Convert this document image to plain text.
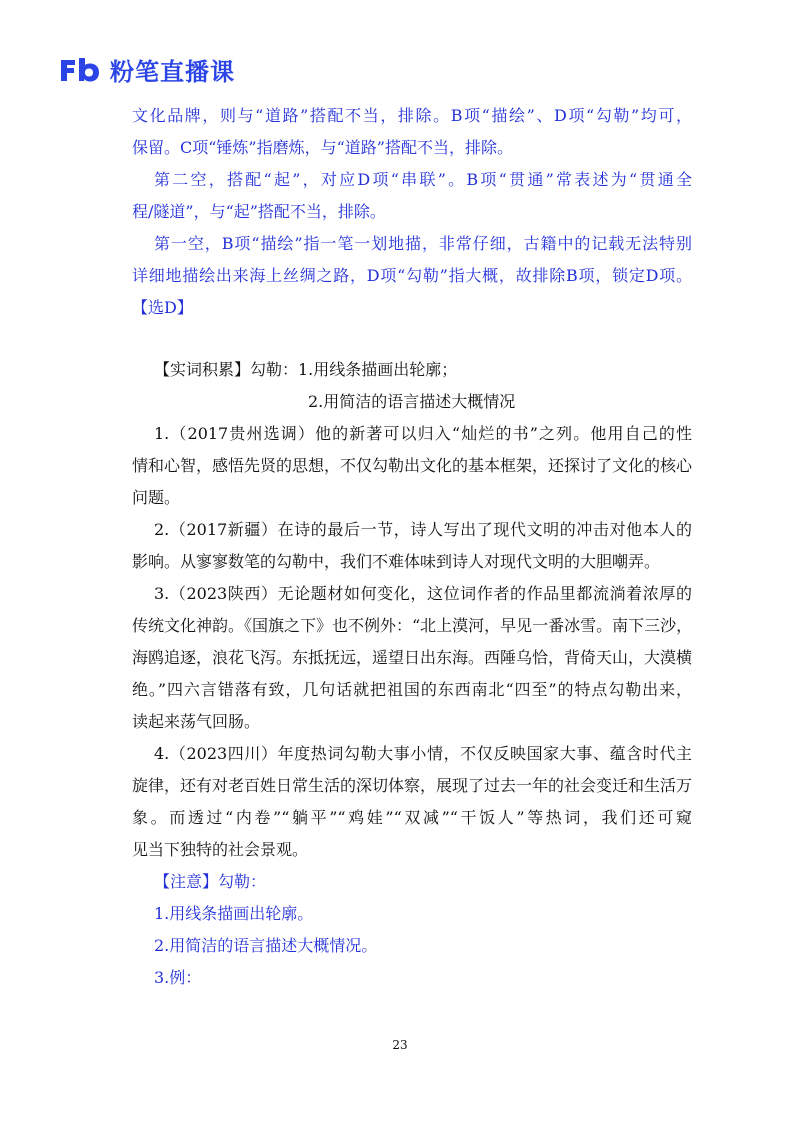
粉笔直播课
文化品牌，则与“道路”搭配不当，排除。B项“描绘”、D项“勾勒”均可，
保留。C项“锤炼”指磨炼，与“道路”搭配不当，排除。
第二空，搭配“起”，对应D项“串联”。B项“贯通”常表述为“贯通全
程/隧道”，与“起”搭配不当，排除。
第一空，B项“描绘”指一笔一划地描，非常仔细，古籍中的记载无法特别
详细地描绘出来海上丝绸之路，D项“勾勒”指大概，故排除B项，锁定D项。
【选D】
【实词积累】勾勒：1.用线条描画出轮廓；
2.用简洁的语言描述大概情况
1.（2017贵州选调）他的新著可以归入“灿烂的书”之列。他用自己的性
情和心智，感悟先贤的思想，不仅勾勒出文化的基本框架，还探讨了文化的核心
问题。
2.（2017新疆）在诗的最后一节，诗人写出了现代文明的冲击对他本人的
影响。从寥寥数笔的勾勒中，我们不难体味到诗人对现代文明的大胆嘲弄。
3.（2023陕西）无论题材如何变化，这位词作者的作品里都流淌着浓厚的
传统文化神韵。《国旗之下》也不例外：“北上漠河，早见一番冰雪。南下三沙，
海鸥追逐，浪花飞泻。东抵抚远，遥望日出东海。西陲乌恰，背倚天山，大漠横
绝。”四六言错落有致，几句话就把祖国的东西南北“四至”的特点勾勒出来，
读起来荡气回肠。
4.（2023四川）年度热词勾勒大事小情，不仅反映国家大事、蕴含时代主
旋律，还有对老百姓日常生活的深切体察，展现了过去一年的社会变迁和生活万
象。而透过“内卷”“躺平”“鸡娃”“双减”“干饭人”等热词，我们还可窥
见当下独特的社会景观。
【注意】勾勒：
1.用线条描画出轮廓。
2.用简洁的语言描述大概情况。
3.例：
23
